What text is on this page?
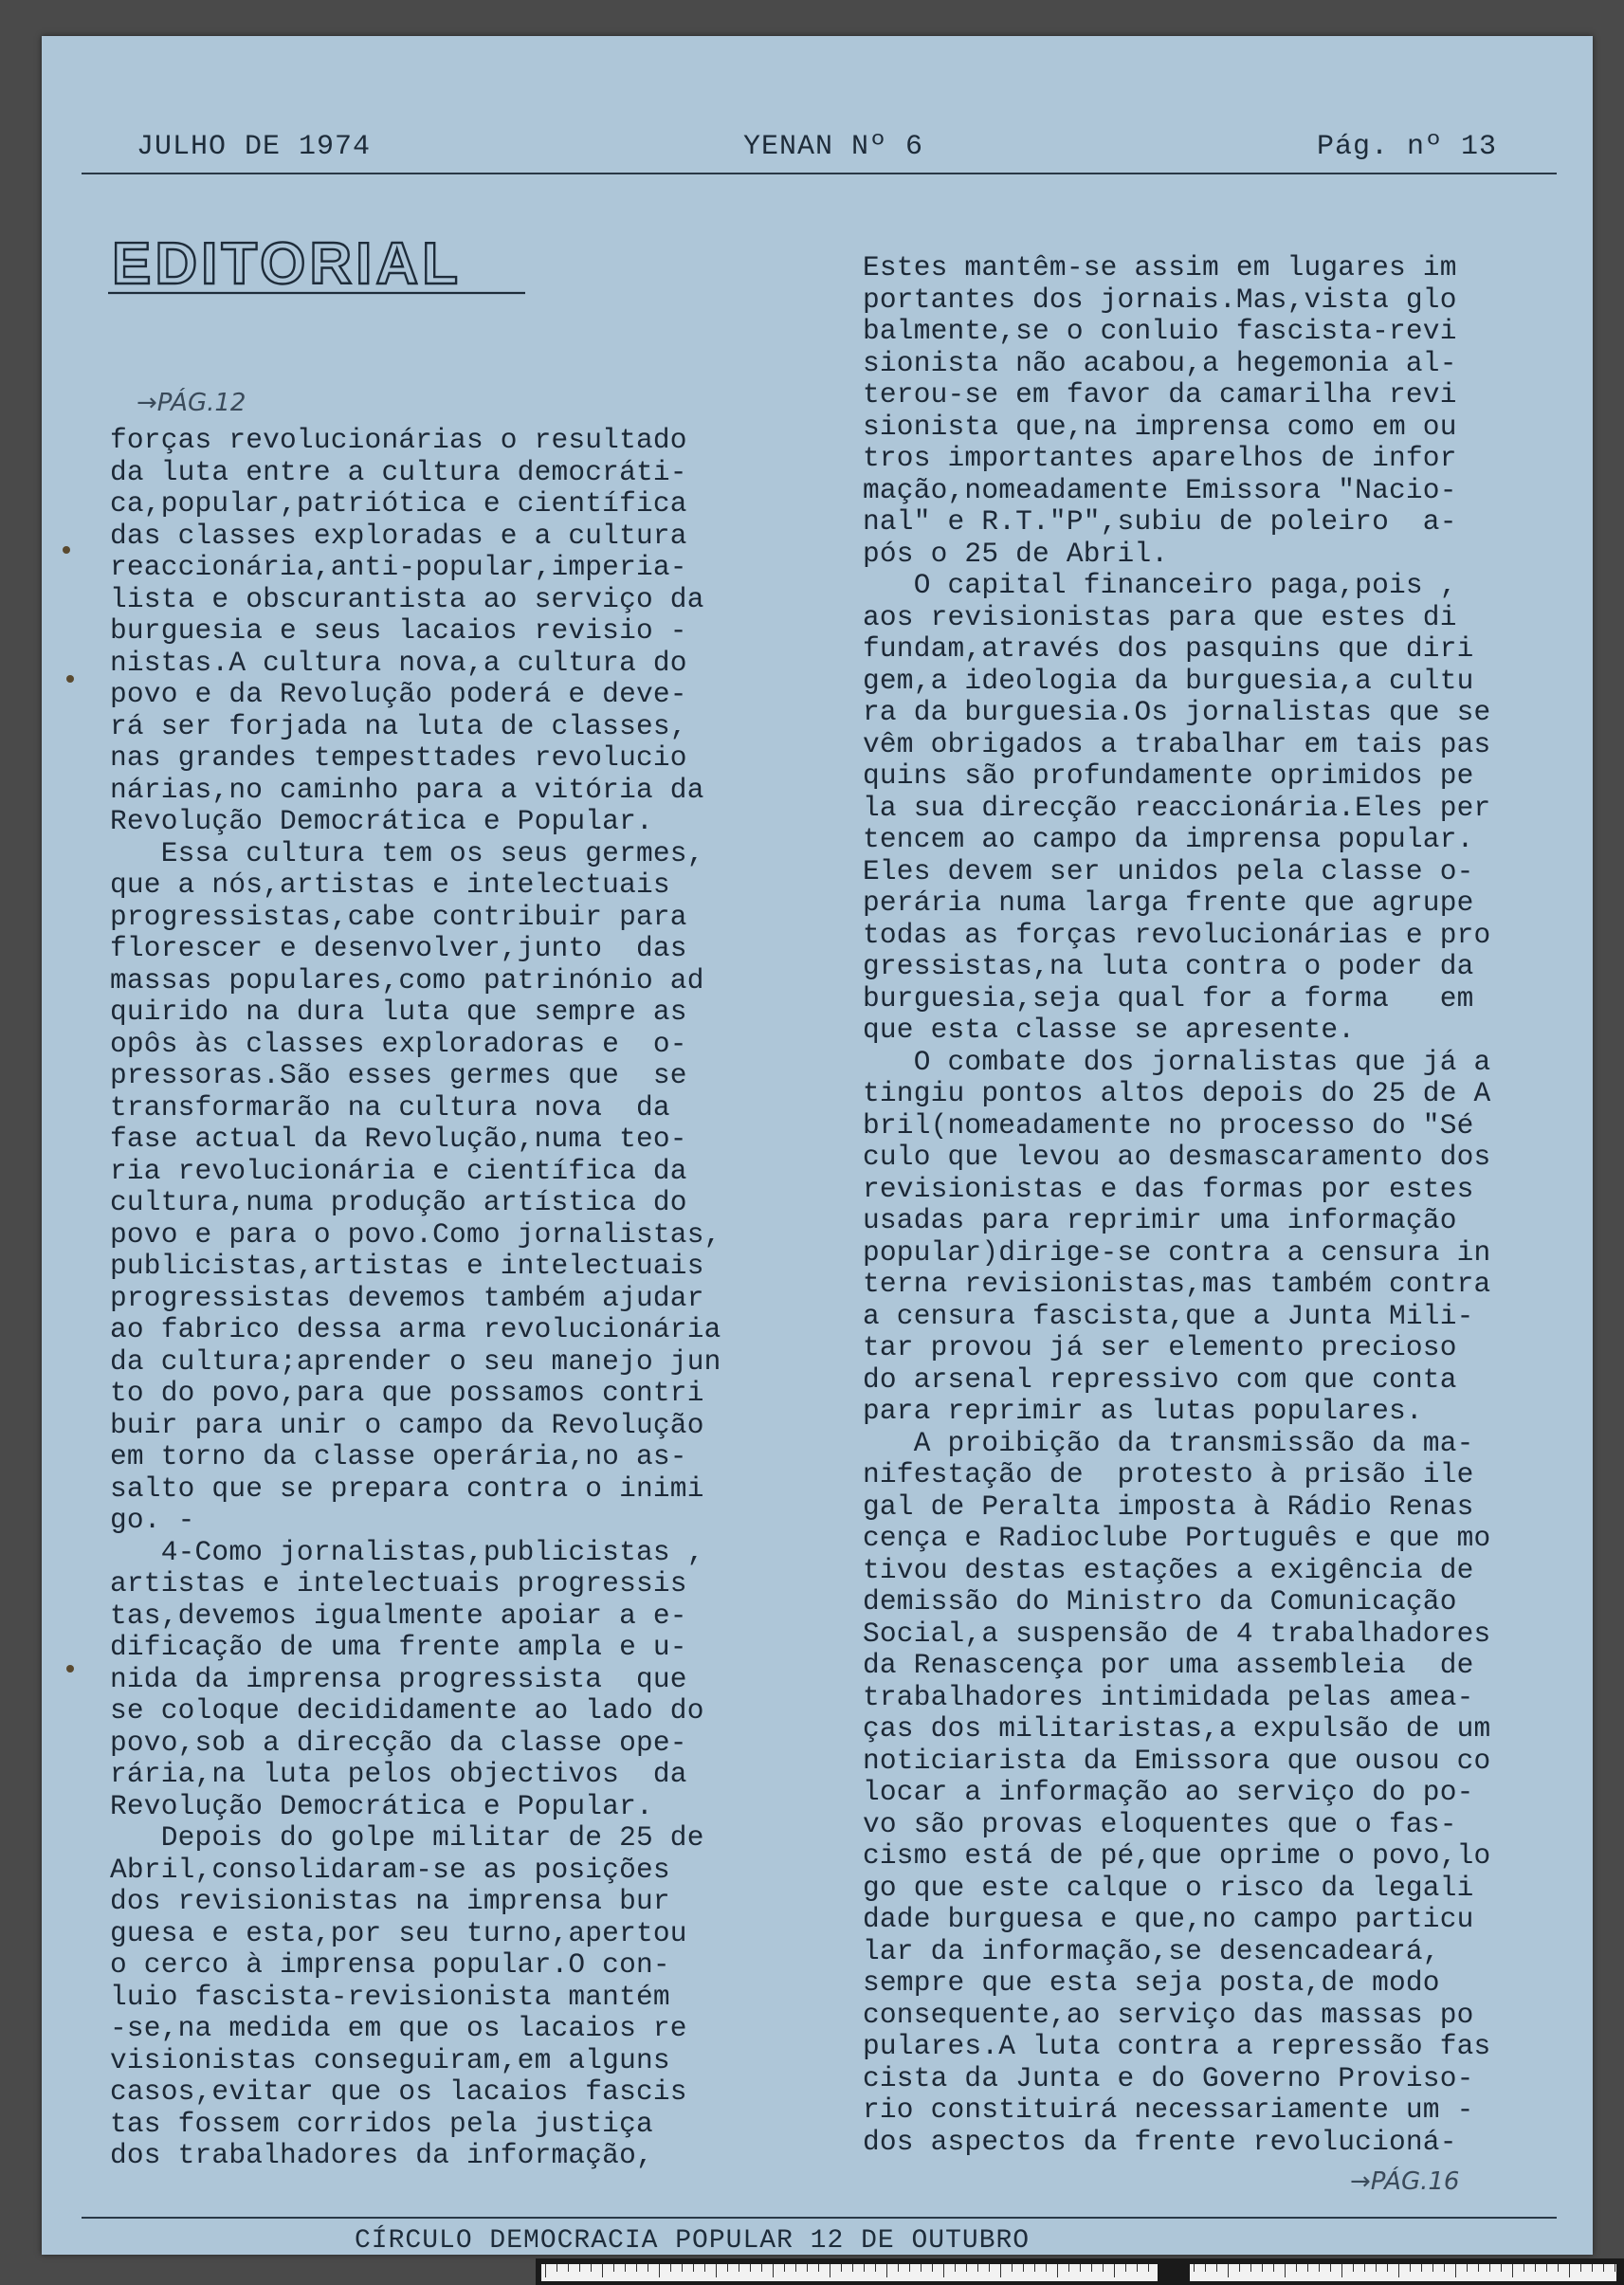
JULHO DE 1974	YENAN Nº 6	Pág. nº 13
EDITORIAL
→PÁG.12
→PÁG.16
forças revolucionárias o resultado
da luta entre a cultura democráti-
ca,popular,patriótica e científica
das classes exploradas e a cultura
reaccionária,anti-popular,imperia-
lista e obscurantista ao serviço da
burguesia e seus lacaios revisio -
nistas.A cultura nova,a cultura do
povo e da Revolução poderá e deve-
rá ser forjada na luta de classes,
nas grandes tempesttades revolucio
nárias,no caminho para a vitória da
Revolução Democrática e Popular.
Essa cultura tem os seus germes,
que a nós,artistas e intelectuais
progressistas,cabe contribuir para
florescer e desenvolver,junto  das
massas populares,como patrinónio ad
quirido na dura luta que sempre as
opôs às classes exploradoras e  o-
pressoras.São esses germes que  se
transformarão na cultura nova  da
fase actual da Revolução,numa teo-
ria revolucionária e científica da
cultura,numa produção artística do
povo e para o povo.Como jornalistas,
publicistas,artistas e intelectuais
progressistas devemos também ajudar
ao fabrico dessa arma revolucionária
da cultura;aprender o seu manejo jun
to do povo,para que possamos contri
buir para unir o campo da Revolução
em torno da classe operária,no as-
salto que se prepara contra o inimi
go. -
4-Como jornalistas,publicistas ,
artistas e intelectuais progressis
tas,devemos igualmente apoiar a e-
dificação de uma frente ampla e u-
nida da imprensa progressista  que
se coloque decididamente ao lado do
povo,sob a direcção da classe ope-
rária,na luta pelos objectivos  da
Revolução Democrática e Popular.
Depois do golpe militar de 25 de
Abril,consolidaram-se as posições
dos revisionistas na imprensa bur
guesa e esta,por seu turno,apertou
o cerco à imprensa popular.O con-
luio fascista-revisionista mantém
-se,na medida em que os lacaios re
visionistas conseguiram,em alguns
casos,evitar que os lacaios fascis
tas fossem corridos pela justiça
dos trabalhadores da informação,
Estes mantêm-se assim em lugares im
portantes dos jornais.Mas,vista glo
balmente,se o conluio fascista-revi
sionista não acabou,a hegemonia al-
terou-se em favor da camarilha revi
sionista que,na imprensa como em ou
tros importantes aparelhos de infor
mação,nomeadamente Emissora "Nacio-
nal" e R.T."P",subiu de poleiro  a-
pós o 25 de Abril.
O capital financeiro paga,pois ,
aos revisionistas para que estes di
fundam,através dos pasquins que diri
gem,a ideologia da burguesia,a cultu
ra da burguesia.Os jornalistas que se
vêm obrigados a trabalhar em tais pas
quins são profundamente oprimidos pe
la sua direcção reaccionária.Eles per
tencem ao campo da imprensa popular.
Eles devem ser unidos pela classe o-
perária numa larga frente que agrupe
todas as forças revolucionárias e pro
gressistas,na luta contra o poder da
burguesia,seja qual for a forma   em
que esta classe se apresente.
O combate dos jornalistas que já a
tingiu pontos altos depois do 25 de A
bril(nomeadamente no processo do "Sé
culo que levou ao desmascaramento dos
revisionistas e das formas por estes
usadas para reprimir uma informação
popular)dirige-se contra a censura in
terna revisionistas,mas também contra
a censura fascista,que a Junta Mili-
tar provou já ser elemento precioso
do arsenal repressivo com que conta
para reprimir as lutas populares.
A proibição da transmissão da ma-
nifestação de  protesto à prisão ile
gal de Peralta imposta à Rádio Renas
cença e Radioclube Português e que mo
tivou destas estações a exigência de
demissão do Ministro da Comunicação
Social,a suspensão de 4 trabalhadores
da Renascença por uma assembleia  de
trabalhadores intimidada pelas amea-
ças dos militaristas,a expulsão de um
noticiarista da Emissora que ousou co
locar a informação ao serviço do po-
vo são provas eloquentes que o fas-
cismo está de pé,que oprime o povo,lo
go que este calque o risco da legali
dade burguesa e que,no campo particu
lar da informação,se desencadeará,
sempre que esta seja posta,de modo
consequente,ao serviço das massas po
pulares.A luta contra a repressão fas
cista da Junta e do Governo Proviso-
rio constituirá necessariamente um -
dos aspectos da frente revolucioná-
CÍRCULO DEMOCRACIA POPULAR 12 DE OUTUBRO
